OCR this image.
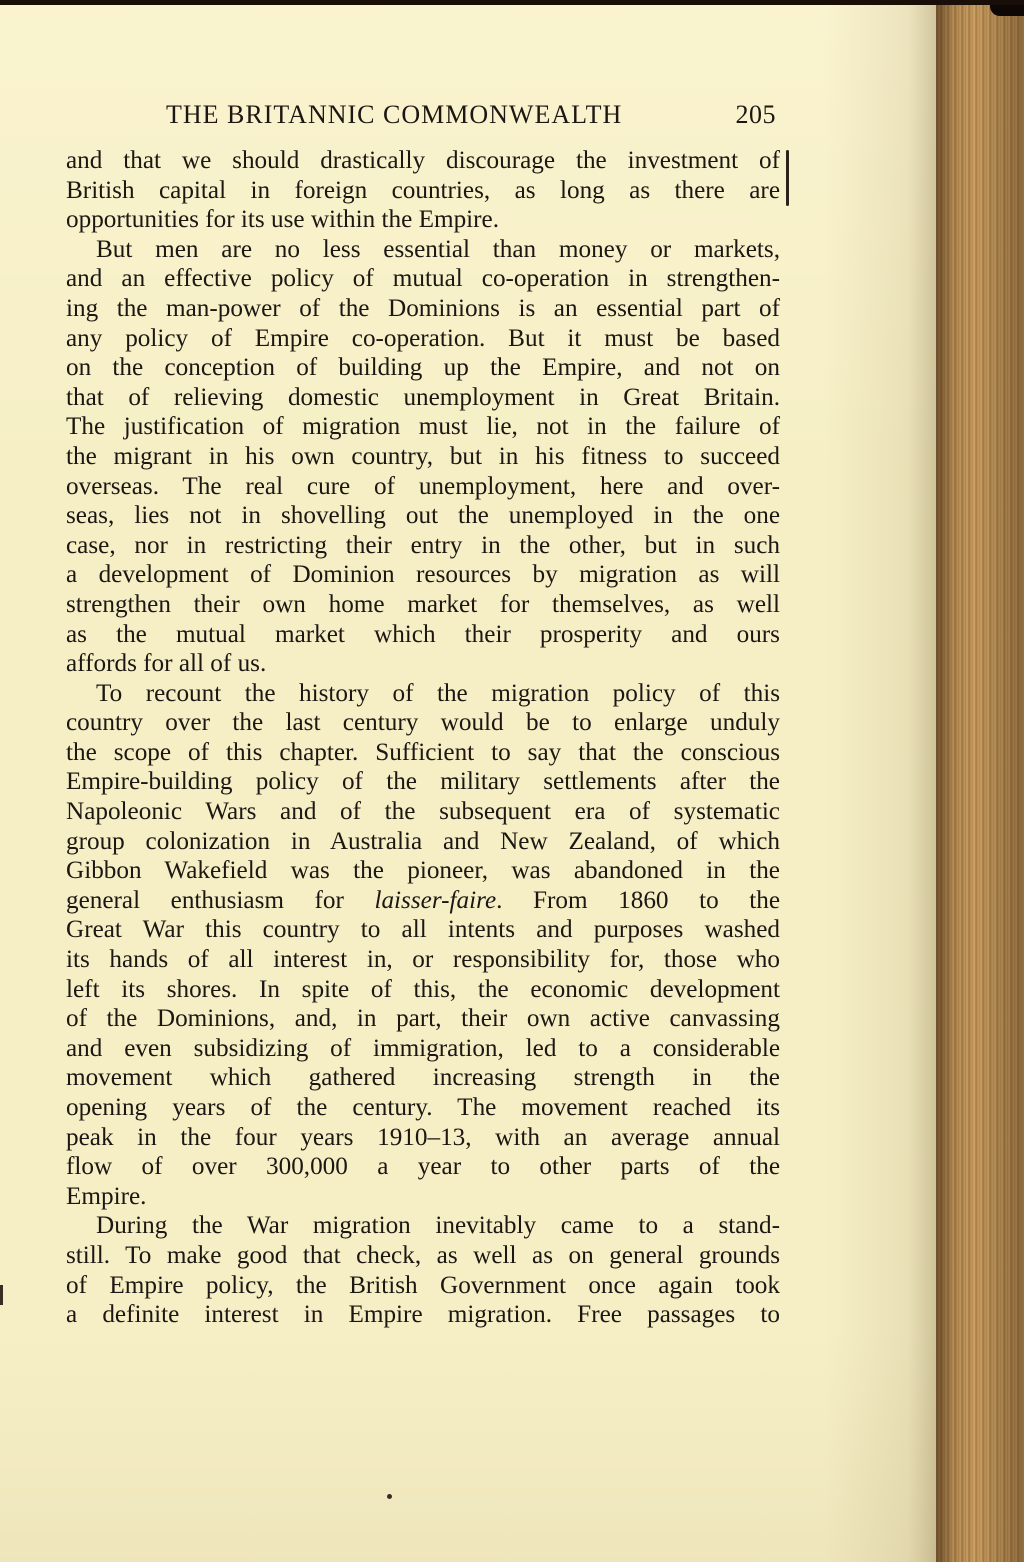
THE BRITANNIC COMMONWEALTH	205
and that we should drastically discourage the investment of
British capital in foreign countries, as long as there are
opportunities for its use within the Empire.
But men are no less essential than money or markets,
and an effective policy of mutual co-operation in strengthen-
ing the man-power of the Dominions is an essential part of
any policy of Empire co-operation. But it must be based
on the conception of building up the Empire, and not on
that of relieving domestic unemployment in Great Britain.
The justification of migration must lie, not in the failure of
the migrant in his own country, but in his fitness to succeed
overseas. The real cure of unemployment, here and over-
seas, lies not in shovelling out the unemployed in the one
case, nor in restricting their entry in the other, but in such
a development of Dominion resources by migration as will
strengthen their own home market for themselves, as well
as the mutual market which their prosperity and ours
affords for all of us.
To recount the history of the migration policy of this
country over the last century would be to enlarge unduly
the scope of this chapter. Sufficient to say that the conscious
Empire-building policy of the military settlements after the
Napoleonic Wars and of the subsequent era of systematic
group colonization in Australia and New Zealand, of which
Gibbon Wakefield was the pioneer, was abandoned in the
general enthusiasm for laisser-faire. From 1860 to the
Great War this country to all intents and purposes washed
its hands of all interest in, or responsibility for, those who
left its shores. In spite of this, the economic development
of the Dominions, and, in part, their own active canvassing
and even subsidizing of immigration, led to a considerable
movement which gathered increasing strength in the
opening years of the century. The movement reached its
peak in the four years 1910–13, with an average annual
flow of over 300,000 a year to other parts of the
Empire.
During the War migration inevitably came to a stand-
still. To make good that check, as well as on general grounds
of Empire policy, the British Government once again took
a definite interest in Empire migration. Free passages to
